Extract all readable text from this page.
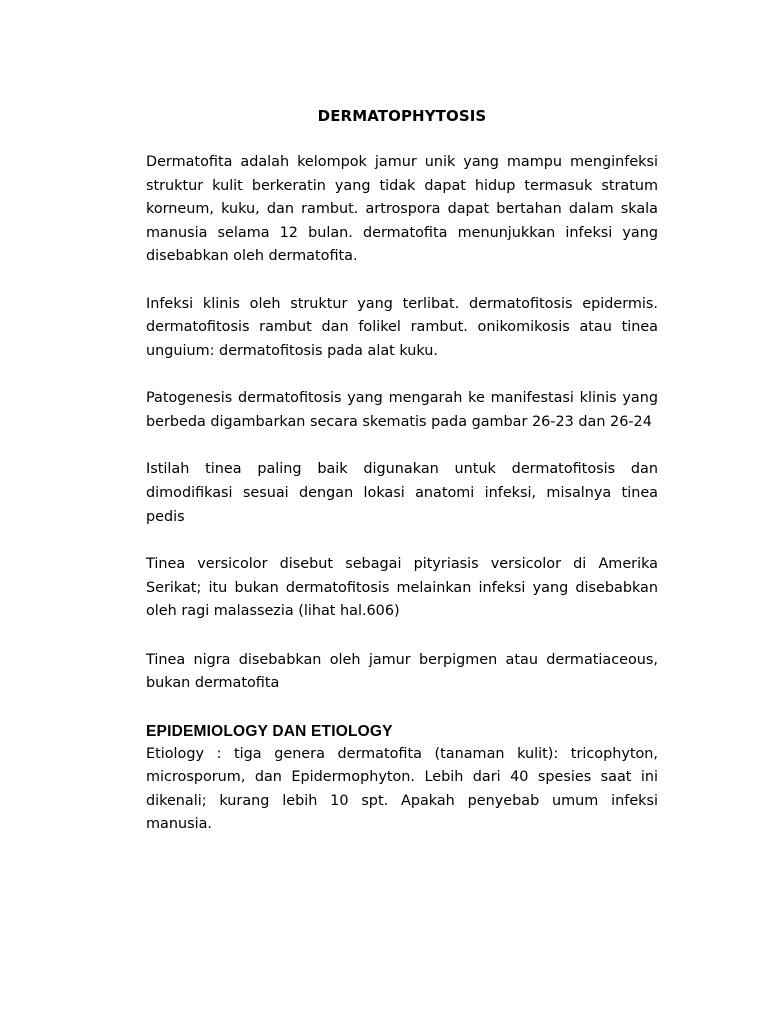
DERMATOPHYTOSIS

Dermatofita adalah kelompok jamur unik yang mampu menginfeksi struktur kulit berkeratin yang tidak dapat hidup termasuk stratum korneum, kuku, dan rambut. artrospora dapat bertahan dalam skala manusia selama 12 bulan. dermatofita menunjukkan infeksi yang disebabkan oleh dermatofita.

Infeksi klinis oleh struktur yang terlibat. dermatofitosis epidermis. dermatofitosis rambut dan folikel rambut. onikomikosis atau tinea unguium: dermatofitosis pada alat kuku.

Patogenesis dermatofitosis yang mengarah ke manifestasi klinis yang berbeda digambarkan secara skematis pada gambar 26-23 dan 26-24

Istilah tinea paling baik digunakan untuk dermatofitosis dan dimodifikasi sesuai dengan lokasi anatomi infeksi, misalnya tinea pedis

Tinea versicolor disebut sebagai pityriasis versicolor di Amerika Serikat; itu bukan dermatofitosis melainkan infeksi yang disebabkan oleh ragi malassezia (lihat hal.606)

Tinea nigra disebabkan oleh jamur berpigmen atau dermatiaceous, bukan dermatofita

EPIDEMIOLOGY DAN ETIOLOGY

Etiology : tiga genera dermatofita (tanaman kulit): tricophyton, microsporum, dan Epidermophyton. Lebih dari 40 spesies saat ini dikenali; kurang lebih 10 spt. Apakah penyebab umum infeksi manusia.
